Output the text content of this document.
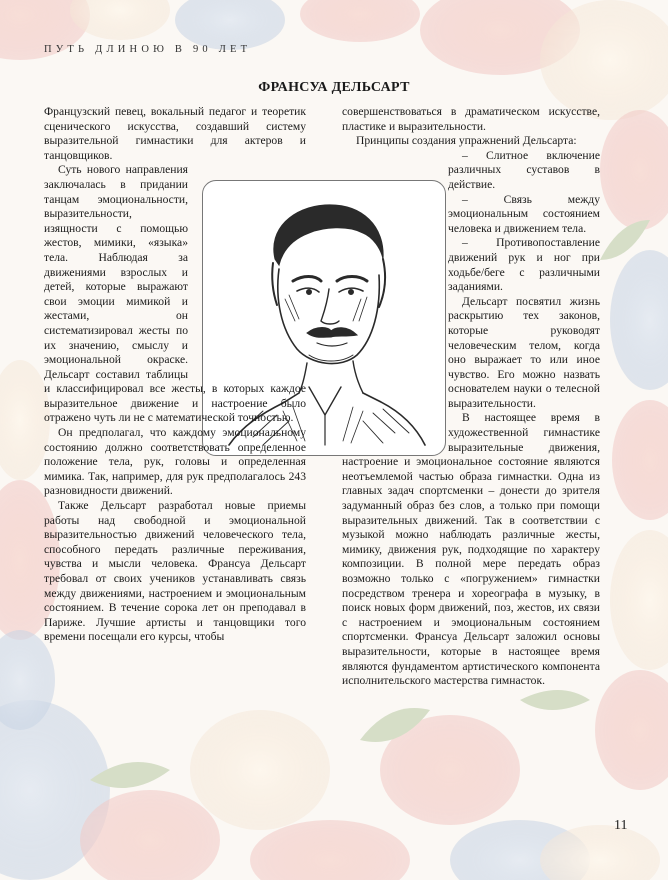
ПУТЬ ДЛИНОЮ В 90 ЛЕТ
ФРАНСУА ДЕЛЬСАРТ

Французский певец, вокальный педагог и теоретик сценического искусства, создавший систему выразительной гимнастики для актеров и танцовщиков.

Суть нового направления заключалась в придании танцам эмоциональности, выразительности, изящности с помощью жестов, мимики, «языка» тела. Наблюдая за движениями взрослых и детей, которые выражают свои эмоции мимикой и жестами, он систематизировал жесты по их значению, смыслу и эмоциональной окраске. Дельсарт составил таблицы и классифицировал все жесты, в которых каждое выразительное движение и настроение было отражено чуть ли не с математической точностью.

Он предполагал, что каждому эмоциональному состоянию должно соответствовать определенное положение тела, рук, головы и определенная мимика. Так, например, для рук предполагалось 243 разновидности движений.

Также Дельсарт разработал новые приемы работы над свободной и эмоциональной выразительностью движений человеческого тела, способного передать различные переживания, чувства и мысли человека. Франсуа Дельсарт требовал от своих учеников устанавливать связь между движениями, настроением и эмоциональным состоянием. В течение сорока лет он преподавал в Париже. Лучшие артисты и танцовщики того времени посещали его курсы, чтобы

совершенствоваться в драматическом искусстве, пластике и выразительности.

Принципы создания упражнений Дельсарта:

– Слитное включение различных суставов в действие.

– Связь между эмоциональным состоянием человека и движением тела.

– Противопоставление движений рук и ног при ходьбе/беге с различными заданиями.

Дельсарт посвятил жизнь раскрытию тех законов, которые руководят человеческим телом, когда оно выражает то или иное чувство. Его можно назвать основателем науки о телесной выразительности.

В настоящее время в художественной гимнастике выразительные движения, настроение и эмоциональное состояние являются неотъемлемой частью образа гимнастки. Одна из главных задач спортсменки – донести до зрителя задуманный образ без слов, а только при помощи выразительных движений. Так в соответствии с музыкой можно наблюдать различные жесты, мимику, движения рук, подходящие по характеру композиции. В полной мере передать образ возможно только с «погружением» гимнастки посредством тренера и хореографа в музыку, в поиск новых форм движений, поз, жестов, их связи с настроением и эмоциональным состоянием спортсменки. Франсуа Дельсарт заложил основы выразительности, которые в настоящее время являются фундаментом артистического компонента исполнительского мастерства гимнасток.

11
